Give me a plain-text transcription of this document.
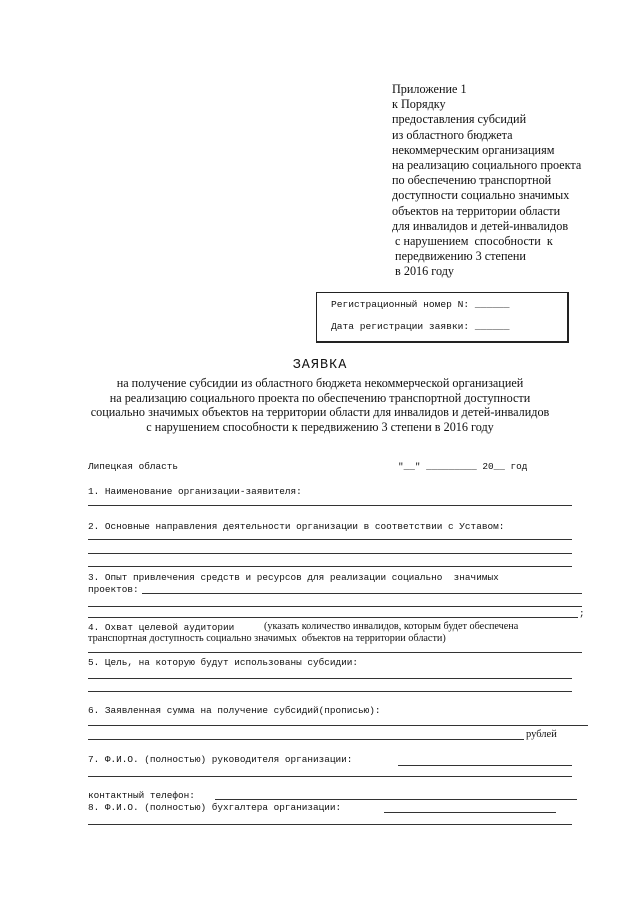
Приложение 1
к Порядку
предоставления субсидий
из областного бюджета
некоммерческим организациям
на реализацию социального проекта
по обеспечению транспортной
доступности социально значимых
объектов на территории области
для инвалидов и детей-инвалидов
с нарушением  способности  к
передвижению 3 степени
в 2016 году
Регистрационный номер N: ______
Дата регистрации заявки: ______
ЗАЯВКА
на получение субсидии из областного бюджета некоммерческой организацией
на реализацию социального проекта по обеспечению транспортной доступности
социально значимых объектов на территории области для инвалидов и детей-инвалидов
с нарушением способности к передвижению 3 степени в 2016 году
Липецкая область	"__" _________ 20__ год
1. Наименование организации-заявителя:
2. Основные направления деятельности организации в соответствии с Уставом:
3. Опыт привлечения средств и ресурсов для реализации социально  значимых
проектов:
;
4. Охват целевой аудитории	(указать количество инвалидов, которым будет обеспечена
транспортная доступность социально значимых  объектов на территории области)
5. Цель, на которую будут использованы субсидии:
6. Заявленная сумма на получение субсидий(прописью):
рублей
7. Ф.И.О. (полностью) руководителя организации:
контактный телефон:
8. Ф.И.О. (полностью) бухгалтера организации:
